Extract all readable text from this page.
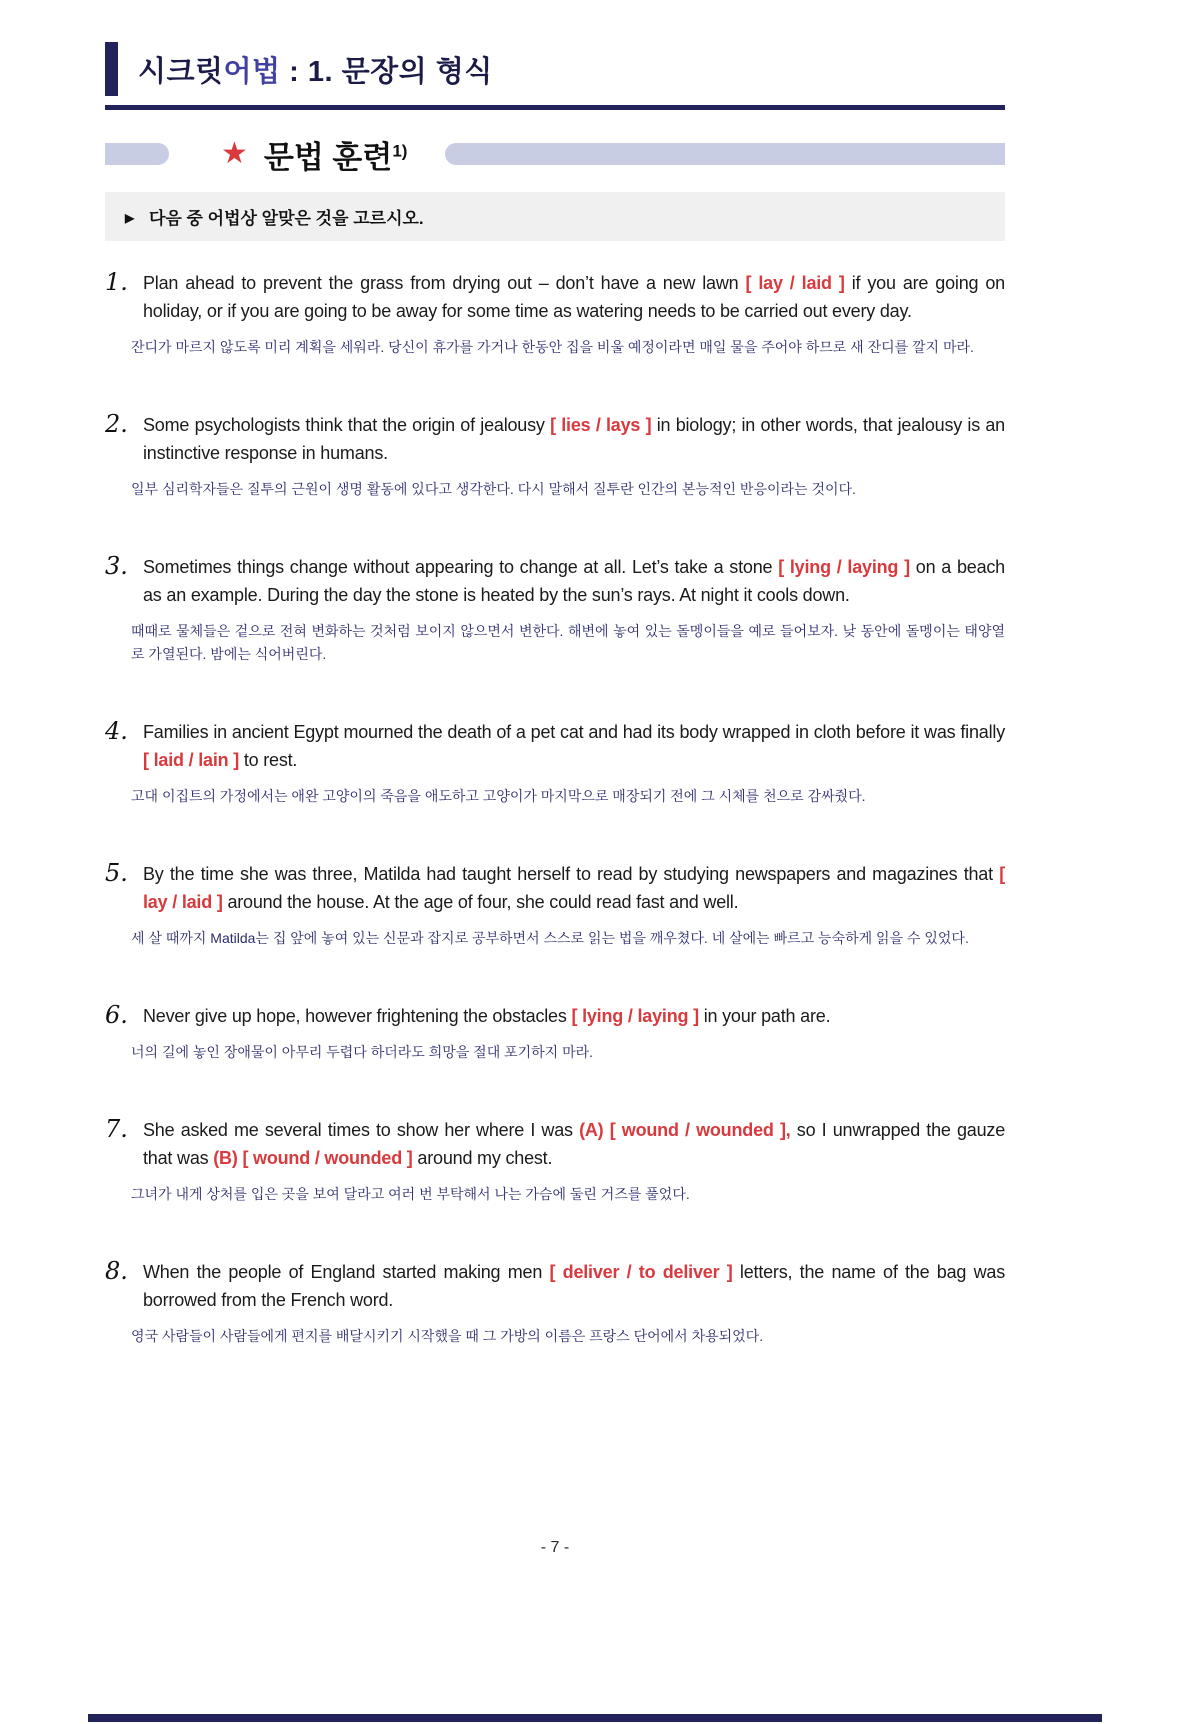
시크릿어법 : 1. 문장의 형식
★ 문법 훈련$^{1)}$
▶ 다음 중 어법상 알맞은 것을 고르시오.
1. Plan ahead to prevent the grass from drying out – don’t have a new lawn [ lay / laid ] if you are going on holiday, or if you are going to be away for some time as watering needs to be carried out every day.

잔디가 마르지 않도록 미리 계획을 세워라. 당신이 휴가를 가거나 한동안 집을 비울 예정이라면 매일 물을 주어야 하므로 새 잔디를 깔지 마라.

2. Some psychologists think that the origin of jealousy [ lies / lays ] in biology; in other words, that jealousy is an instinctive response in humans.

일부 심리학자들은 질투의 근원이 생명 활동에 있다고 생각한다. 다시 말해서 질투란 인간의 본능적인 반응이라는 것이다.

3. Sometimes things change without appearing to change at all. Let’s take a stone [ lying / laying ] on a beach as an example. During the day the stone is heated by the sun’s rays. At night it cools down.

때때로 물체들은 겉으로 전혀 변화하는 것처럼 보이지 않으면서 변한다. 해변에 놓여 있는 돌멩이들을 예로 들어보자. 낮 동안에 돌멩이는 태양열로 가열된다. 밤에는 식어버린다.

4. Families in ancient Egypt mourned the death of a pet cat and had its body wrapped in cloth before it was finally [ laid / lain ] to rest.

고대 이집트의 가정에서는 애완 고양이의 죽음을 애도하고 고양이가 마지막으로 매장되기 전에 그 시체를 천으로 감싸줬다.

5. By the time she was three, Matilda had taught herself to read by studying newspapers and magazines that [ lay / laid ] around the house. At the age of four, she could read fast and well.

세 살 때까지 Matilda는 집 앞에 놓여 있는 신문과 잡지로 공부하면서 스스로 읽는 법을 깨우쳤다. 네 살에는 빠르고 능숙하게 읽을 수 있었다.

6. Never give up hope, however frightening the obstacles [ lying / laying ] in your path are.

너의 길에 놓인 장애물이 아무리 두렵다 하더라도 희망을 절대 포기하지 마라.

7. She asked me several times to show her where I was (A) [ wound / wounded ], so I unwrapped the gauze that was (B) [ wound / wounded ] around my chest.

그녀가 내게 상처를 입은 곳을 보여 달라고 여러 번 부탁해서 나는 가슴에 둘린 거즈를 풀었다.

8. When the people of England started making men [ deliver / to deliver ] letters, the name of the bag was borrowed from the French word.

영국 사람들이 사람들에게 편지를 배달시키기 시작했을 때 그 가방의 이름은 프랑스 단어에서 차용되었다.

- 7 -
